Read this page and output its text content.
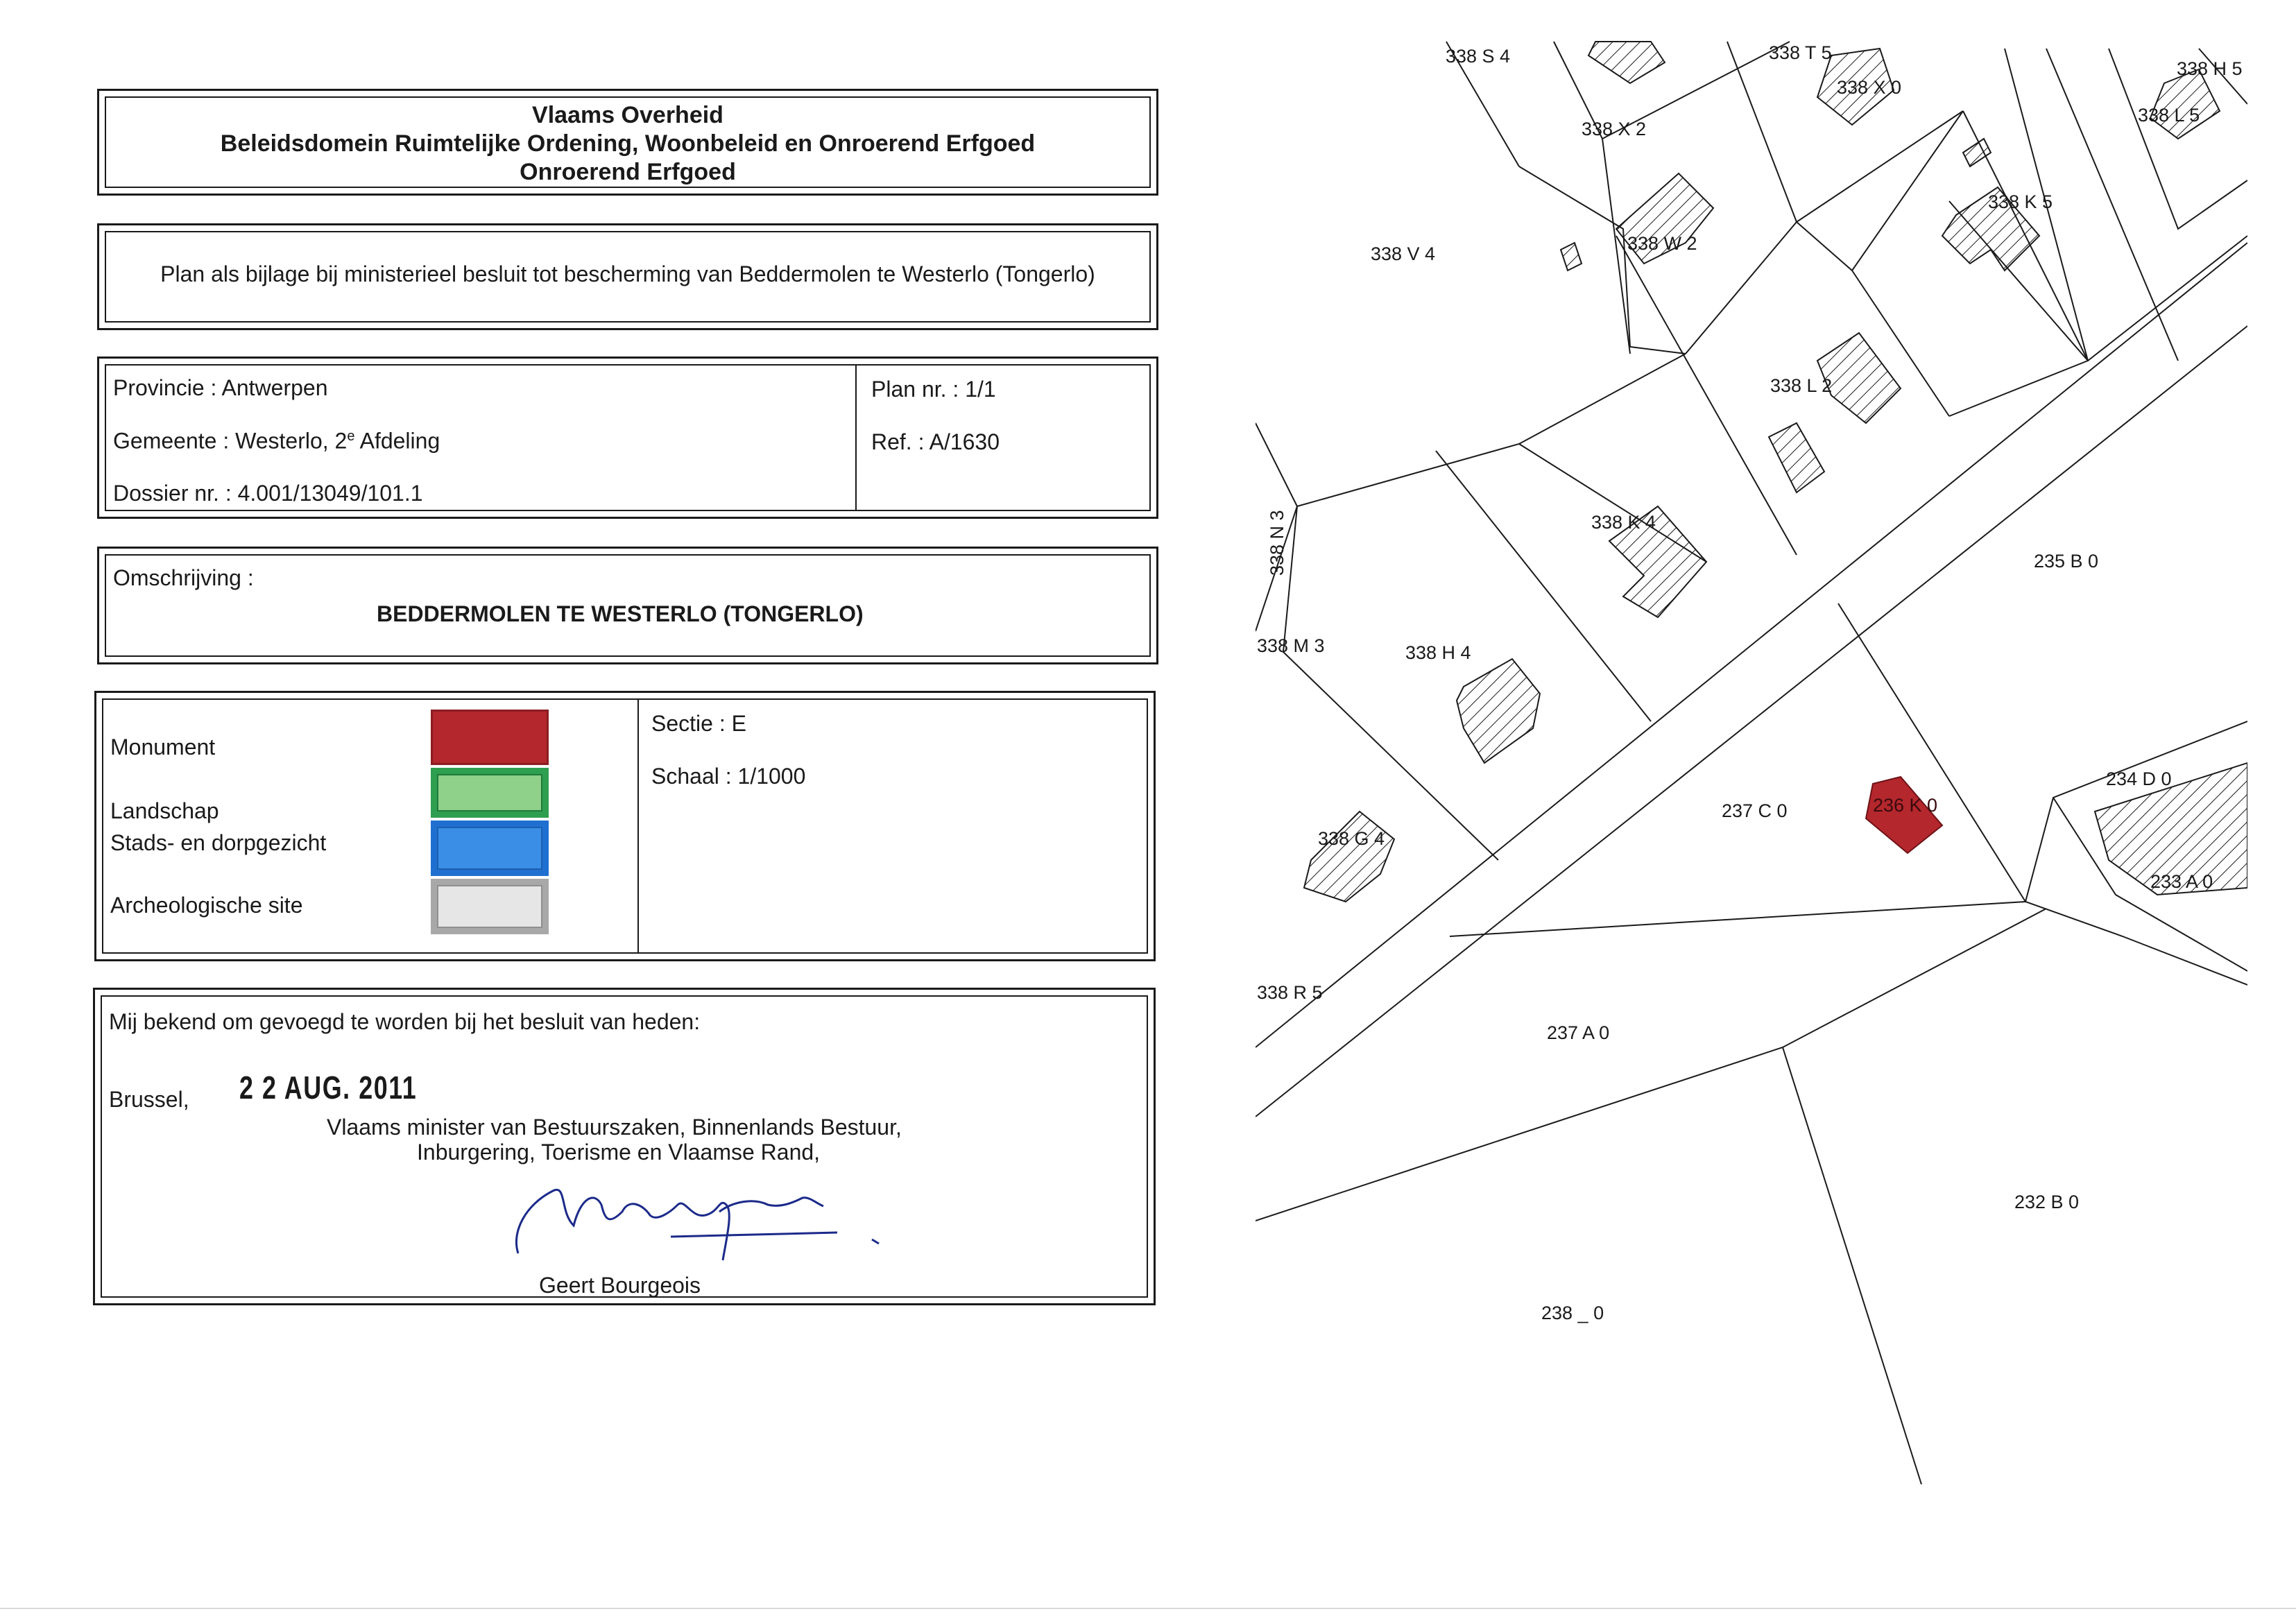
Vlaams Overheid
Beleidsdomein Ruimtelijke Ordening, Woonbeleid en Onroerend Erfgoed
Onroerend Erfgoed
Plan als bijlage bij ministerieel besluit tot bescherming van Beddermolen te Westerlo (Tongerlo)
Provincie : Antwerpen
Gemeente : Westerlo, 2e Afdeling
Dossier nr. : 4.001/13049/101.1
Plan nr. : 1/1
Ref. : A/1630
Omschrijving :
BEDDERMOLEN TE WESTERLO (TONGERLO)
Monument
Landschap
Stads- en dorpgezicht
Archeologische site
Sectie : E
Schaal : 1/1000
Mij bekend om gevoegd te worden bij het besluit van heden:
Brussel, 2 2 AUG. 2011
Vlaams minister van Bestuurszaken, Binnenlands Bestuur,
Inburgering, Toerisme en Vlaamse Rand,
Geert Bourgeois
338 S 4	338 T 5
338 X 0
338 H 5
338 L 5
338 X 2
338 W 2
338 K 5
338 V 4
338 L 2
338 N 3	338 K 4
235 B 0
338 M 3	338 H 4
237 C 0	236 K 0
234 D 0
338 G 4
233 A 0
338 R 5
237 A 0
232 B 0
238 _ 0
